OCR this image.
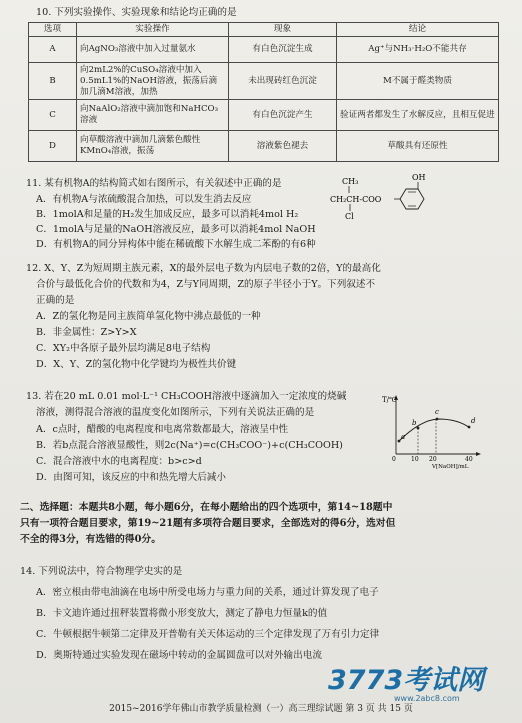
10. 下列实验操作、实验现象和结论均正确的是
选项	实验操作	现象	结论
A	向AgNO₃溶液中加入过量氨水	有白色沉淀生成	Ag⁺与NH₃·H₂O不能共存
B	向2mL2%的CuSO₄溶液中加入0.5mL1%的NaOH溶液，振荡后滴加几滴M溶液，加热	未出现砖红色沉淀	M不属于醛类物质
C	向NaAlO₂溶液中滴加饱和NaHCO₃溶液	有白色沉淀产生	验证两者都发生了水解反应，且相互促进
D	向草酸溶液中滴加几滴紫色酸性KMnO₄溶液，振荡	溶液紫色褪去	草酸具有还原性
11. 某有机物A的结构简式如右图所示，有关叙述中正确的是
A．有机物A与浓硫酸混合加热，可以发生消去反应
B．1molA和足量的H₂发生加成反应，最多可以消耗4mol H₂
C．1molA与足量的NaOH溶液反应，最多可以消耗4mol NaOH
D．有机物A的同分异构体中能在稀硫酸下水解生成二苯酚的有6种
CH₃
CH₂CH-COO
Cl
OH
12. X、Y、Z为短周期主族元素，X的最外层电子数为内层电子数的2倍，Y的最高化
合价与最低化合价的代数和为4，Z与Y同周期，Z的原子半径小于Y。下列叙述不
正确的是
A．Z的氢化物是同主族简单氢化物中沸点最低的一种
B．非金属性：Z>Y>X
C．XY₂中各原子最外层均满足8电子结构
D．X、Y、Z的氢化物中化学键均为极性共价键
13. 若在20 mL 0.01 mol·L⁻¹ CH₃COOH溶液中逐滴加入一定浓度的烧碱
溶液，测得混合溶液的温度变化如图所示，下列有关说法正确的是
A．c点时，醋酸的电离程度和电离常数都最大，溶液呈中性
B．若b点混合溶液显酸性，则2c(Na⁺)=c(CH₃COO⁻)+c(CH₃COOH)
C．混合溶液中水的电离程度：b>c>d
D．由图可知，该反应的中和热先增大后减小
T/℃
V[NaOH]/mL
0	10 20	40
a
b
c
d
二、选择题：本题共8小题，每小题6分，在每小题给出的四个选项中，第14~18题中
只有一项符合题目要求，第19~21题有多项符合题目要求，全部选对的得6分，选对但
不全的得3分，有选错的得0分。
14. 下列说法中，符合物理学史实的是
A．密立根由带电油滴在电场中所受电场力与重力间的关系，通过计算发现了电子
B．卡文迪许通过扭秤装置将微小形变放大，测定了静电力恒量k的值
C．牛顿根据牛顿第二定律及开普勒有关天体运动的三个定律发现了万有引力定律
D．奥斯特通过实验发现在磁场中转动的金属圆盘可以对外输出电流
3773考试网
www.2abc8.com
2015~2016学年佛山市教学质量检测（一）高三理综试题 第 3 页 共 15 页
